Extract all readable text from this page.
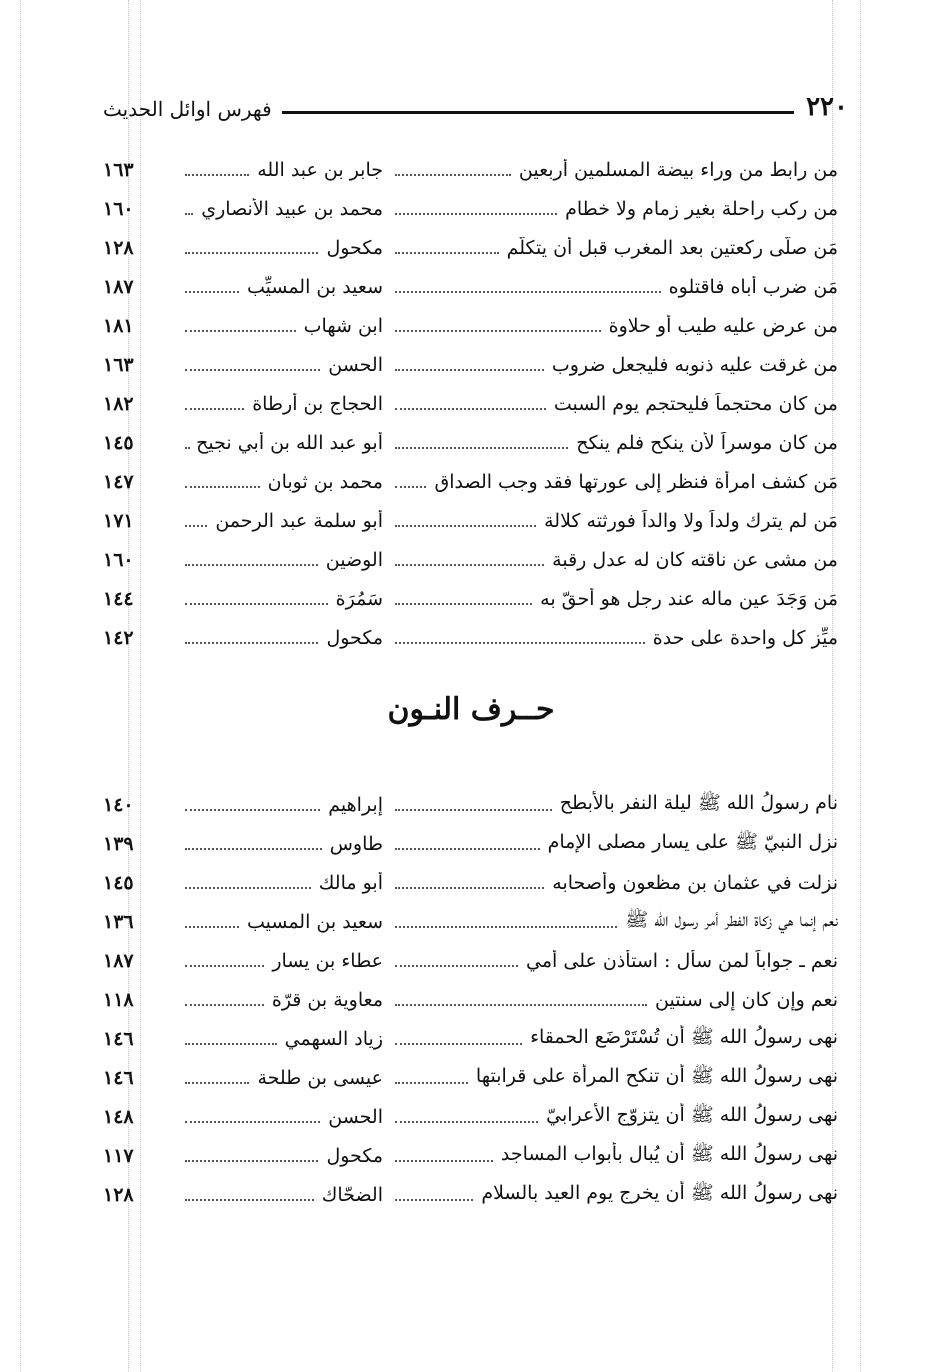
٢٢٠
فهرس اوائل الحديث
من رابط من وراء بيضة المسلمين أربعين
جابر بن عبد الله
١٦٣
من ركب راحلة بغير زمام ولا خطام
محمد بن عبيد الأنصاري
١٦٠
مَن صلّى ركعتين بعد المغرب قبل أن يتكلّم
مكحول
١٢٨
مَن ضرب أباه فاقتلوه
سعيد بن المسيِّب
١٨٧
من عرض عليه طيب أو حلاوة
ابن شهاب
١٨١
من غرقت عليه ذنوبه فليجعل ضروب
الحسن
١٦٣
من كان محتجماً فليحتجم يوم السبت
الحجاج بن أرطاة
١٨٢
من كان موسراً لأن ينكح فلم ينكح
أبو عبد الله بن أبي نجيح
١٤٥
مَن كشف امرأة فنظر إلى عورتها فقد وجب الصداق
محمد بن ثوبان
١٤٧
مَن لم يترك ولداً ولا والداً فورثته كلالة
أبو سلمة عبد الرحمن
١٧١
من مشى عن ناقته كان له عدل رقبة
الوضين
١٦٠
مَن وَجَدَ عين ماله عند رجل هو أحقّ به
سَمُرَة
١٤٤
ميِّز كل واحدة على حدة
مكحول
١٤٢
حــرف النـون
نام رسولُ الله ﷺ ليلة النفر بالأبطح
إبراهيم
١٤٠
نزل النبيّ ﷺ على يسار مصلى الإمام
طاوس
١٣٩
نزلت في عثمان بن مظعون وأصحابه
أبو مالك
١٤٥
نعم إنما هي زكاة الفطر أمر رسول الله ﷺ
سعيد بن المسيب
١٣٦
نعم ـ جواباً لمن سأل : استأذن على أمي
عطاء بن يسار
١٨٧
نعم وإن كان إلى سنتين
معاوية بن قرّة
١١٨
نهى رسولُ الله ﷺ أن تُسْتَرْضَع الحمقاء
زياد السهمي
١٤٦
نهى رسولُ الله ﷺ أن تنكح المرأة على قرابتها
عيسى بن طلحة
١٤٦
نهى رسولُ الله ﷺ أن يتزوّج الأعرابيّ
الحسن
١٤٨
نهى رسولُ الله ﷺ أن يُبال بأبواب المساجد
مكحول
١١٧
نهى رسولُ الله ﷺ أن يخرج يوم العيد بالسلام
الضحّاك
١٢٨
